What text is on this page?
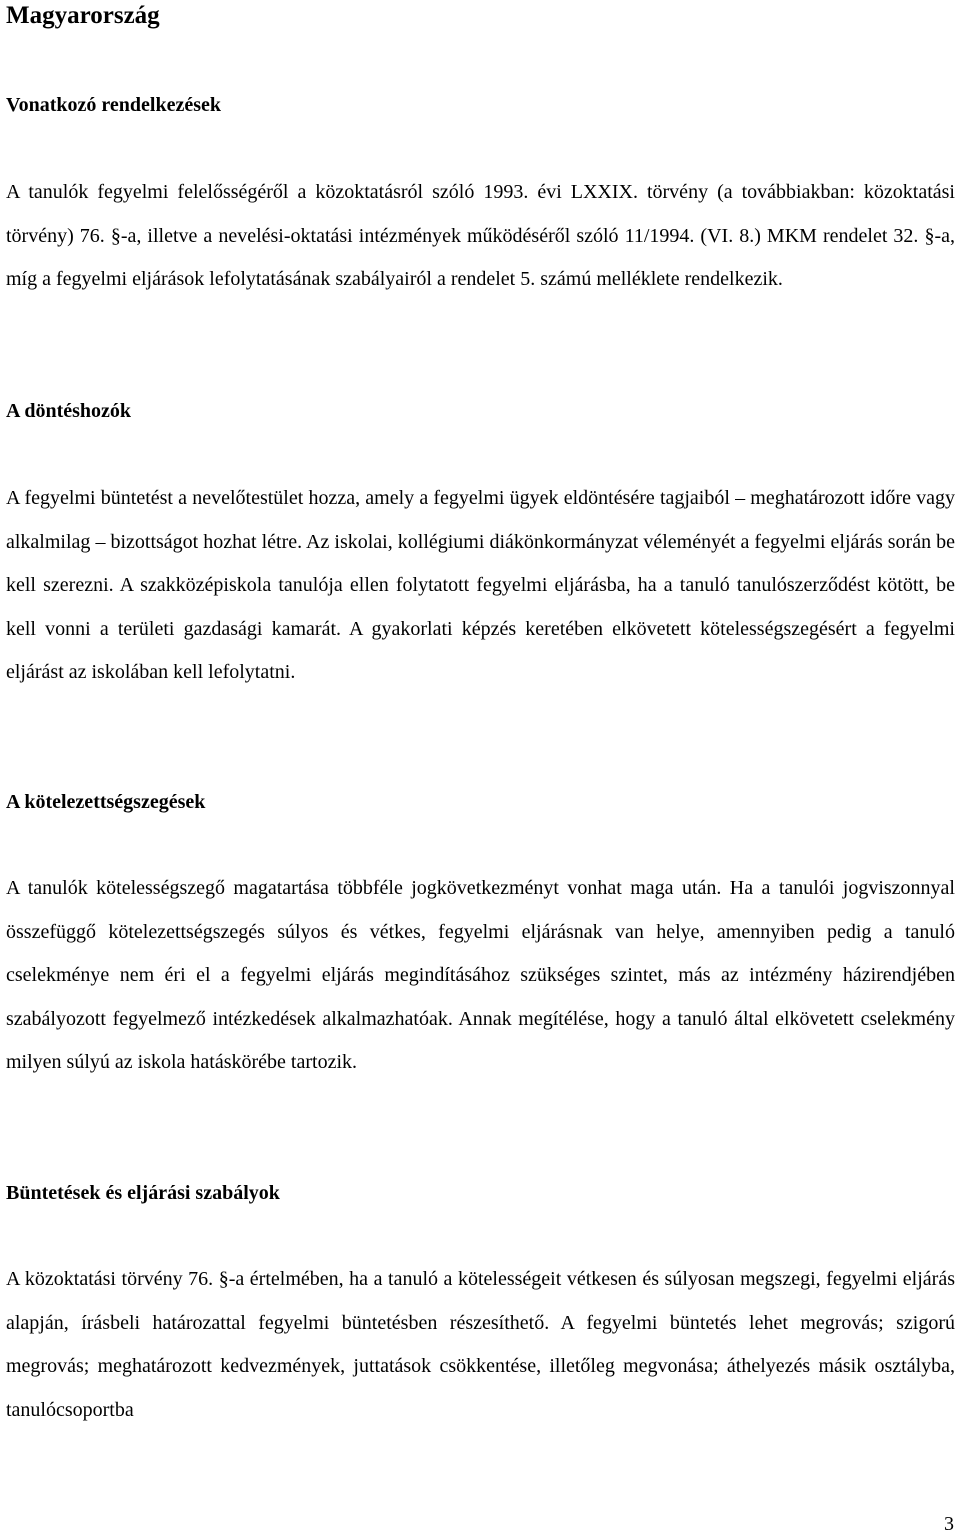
Magyarország
Vonatkozó rendelkezések

A tanulók fegyelmi felelősségéről a közoktatásról szóló 1993. évi LXXIX. törvény (a továbbiakban: közoktatási törvény) 76. §-a, illetve a nevelési-oktatási intézmények működéséről szóló 11/1994. (VI. 8.) MKM rendelet 32. §-a, míg a fegyelmi eljárások lefolytatásának szabályairól a rendelet 5. számú melléklete rendelkezik.

A döntéshozók

A fegyelmi büntetést a nevelőtestület hozza, amely a fegyelmi ügyek eldöntésére tagjaiból – meghatározott időre vagy alkalmilag – bizottságot hozhat létre. Az iskolai, kollégiumi diákönkormányzat véleményét a fegyelmi eljárás során be kell szerezni. A szakközépiskola tanulója ellen folytatott fegyelmi eljárásba, ha a tanuló tanulószerződést kötött, be kell vonni a területi gazdasági kamarát. A gyakorlati képzés keretében elkövetett kötelességszegésért a fegyelmi eljárást az iskolában kell lefolytatni.

A kötelezettségszegések

A tanulók kötelességszegő magatartása többféle jogkövetkezményt vonhat maga után. Ha a tanulói jogviszonnyal összefüggő kötelezettségszegés súlyos és vétkes, fegyelmi eljárásnak van helye, amennyiben pedig a tanuló cselekménye nem éri el a fegyelmi eljárás megindításához szükséges szintet, más az intézmény házirendjében szabályozott fegyelmező intézkedések alkalmazhatóak. Annak megítélése, hogy a tanuló által elkövetett cselekmény milyen súlyú az iskola hatáskörébe tartozik.

Büntetések és eljárási szabályok

A közoktatási törvény 76. §-a értelmében, ha a tanuló a kötelességeit vétkesen és súlyosan megszegi, fegyelmi eljárás alapján, írásbeli határozattal fegyelmi büntetésben részesíthető. A fegyelmi büntetés lehet megrovás; szigorú megrovás; meghatározott kedvezmények, juttatások csökkentése, illetőleg megvonása; áthelyezés másik osztályba, tanulócsoportba

3
